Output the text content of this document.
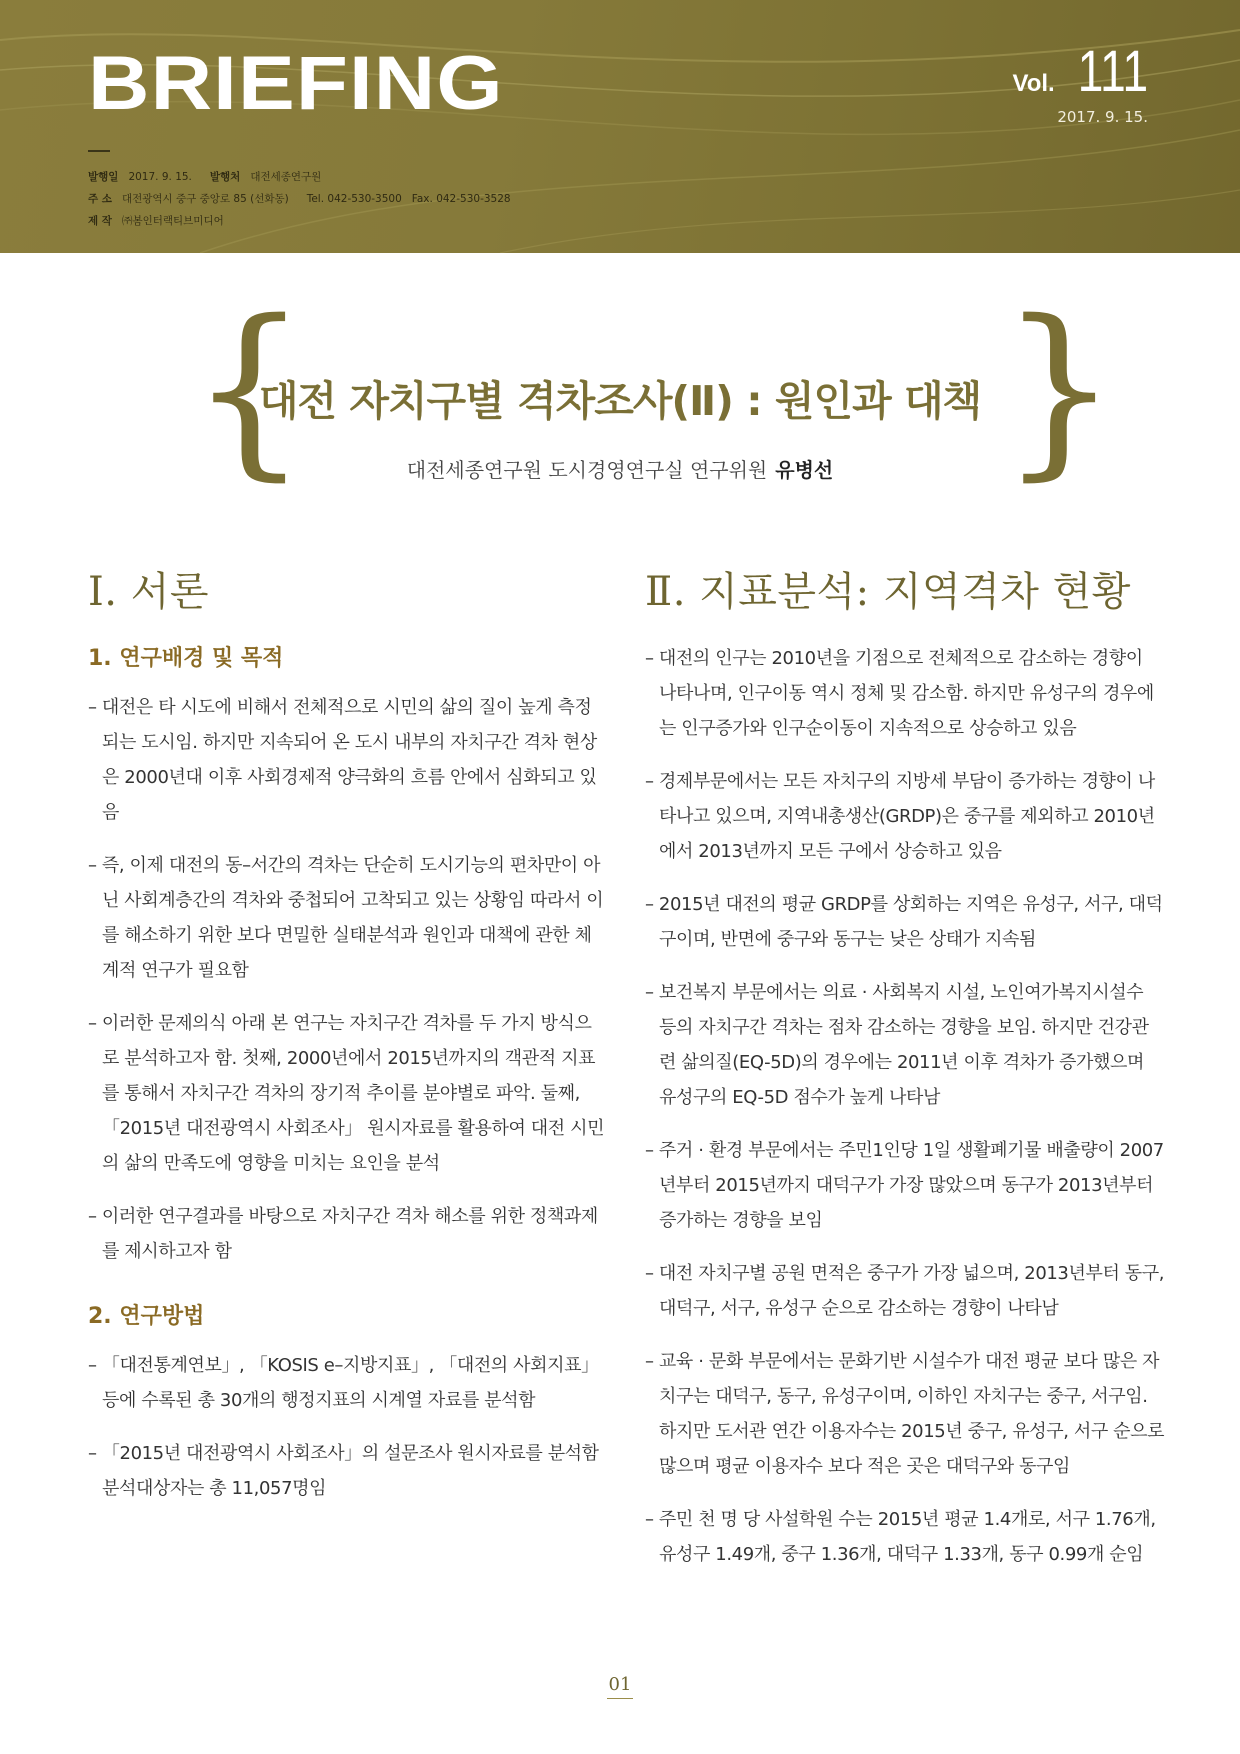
BRIEFING	Vol. 111
2017. 9. 15.
발행일 2017. 9. 15. 발행처 대전세종연구원
주 소 대전광역시 중구 중앙로 85 (선화동) Tel. 042-530-3500 Fax. 042-530-3528
제 작 ㈜봄인터랙티브미디어
{	}
대전 자치구별 격차조사(Ⅱ) : 원인과 대책
대전세종연구원 도시경영연구실 연구위원 유병선
Ⅰ. 서론
1. 연구배경 및 목적

– 대전은 타 시도에 비해서 전체적으로 시민의 삶의 질이 높게 측정되는 도시임. 하지만 지속되어 온 도시 내부의 자치구간 격차 현상은 2000년대 이후 사회경제적 양극화의 흐름 안에서 심화되고 있음

– 즉, 이제 대전의 동–서간의 격차는 단순히 도시기능의 편차만이 아닌 사회계층간의 격차와 중첩되어 고착되고 있는 상황임 따라서 이를 해소하기 위한 보다 면밀한 실태분석과 원인과 대책에 관한 체계적 연구가 필요함

– 이러한 문제의식 아래 본 연구는 자치구간 격차를 두 가지 방식으로 분석하고자 함. 첫째, 2000년에서 2015년까지의 객관적 지표를 통해서 자치구간 격차의 장기적 추이를 분야별로 파악. 둘째, 「2015년 대전광역시 사회조사」 원시자료를 활용하여 대전 시민의 삶의 만족도에 영향을 미치는 요인을 분석

– 이러한 연구결과를 바탕으로 자치구간 격차 해소를 위한 정책과제를 제시하고자 함

2. 연구방법

– 「대전통계연보」, 「KOSIS e–지방지표」, 「대전의 사회지표」 등에 수록된 총 30개의 행정지표의 시계열 자료를 분석함

– 「2015년 대전광역시 사회조사」의 설문조사 원시자료를 분석함 분석대상자는 총 11,057명임

Ⅱ. 지표분석: 지역격차 현황

– 대전의 인구는 2010년을 기점으로 전체적으로 감소하는 경향이 나타나며, 인구이동 역시 정체 및 감소함. 하지만 유성구의 경우에는 인구증가와 인구순이동이 지속적으로 상승하고 있음

– 경제부문에서는 모든 자치구의 지방세 부담이 증가하는 경향이 나타나고 있으며, 지역내총생산(GRDP)은 중구를 제외하고 2010년에서 2013년까지 모든 구에서 상승하고 있음

– 2015년 대전의 평균 GRDP를 상회하는 지역은 유성구, 서구, 대덕구이며, 반면에 중구와 동구는 낮은 상태가 지속됨

– 보건복지 부문에서는 의료 · 사회복지 시설, 노인여가복지시설수 등의 자치구간 격차는 점차 감소하는 경향을 보임. 하지만 건강관련 삶의질(EQ-5D)의 경우에는 2011년 이후 격차가 증가했으며 유성구의 EQ-5D 점수가 높게 나타남

– 주거 · 환경 부문에서는 주민1인당 1일 생활폐기물 배출량이 2007년부터 2015년까지 대덕구가 가장 많았으며 동구가 2013년부터 증가하는 경향을 보임

– 대전 자치구별 공원 면적은 중구가 가장 넓으며, 2013년부터 동구, 대덕구, 서구, 유성구 순으로 감소하는 경향이 나타남

– 교육 · 문화 부문에서는 문화기반 시설수가 대전 평균 보다 많은 자치구는 대덕구, 동구, 유성구이며, 이하인 자치구는 중구, 서구임. 하지만 도서관 연간 이용자수는 2015년 중구, 유성구, 서구 순으로 많으며 평균 이용자수 보다 적은 곳은 대덕구와 동구임

– 주민 천 명 당 사설학원 수는 2015년 평균 1.4개로, 서구 1.76개, 유성구 1.49개, 중구 1.36개, 대덕구 1.33개, 동구 0.99개 순임

01
